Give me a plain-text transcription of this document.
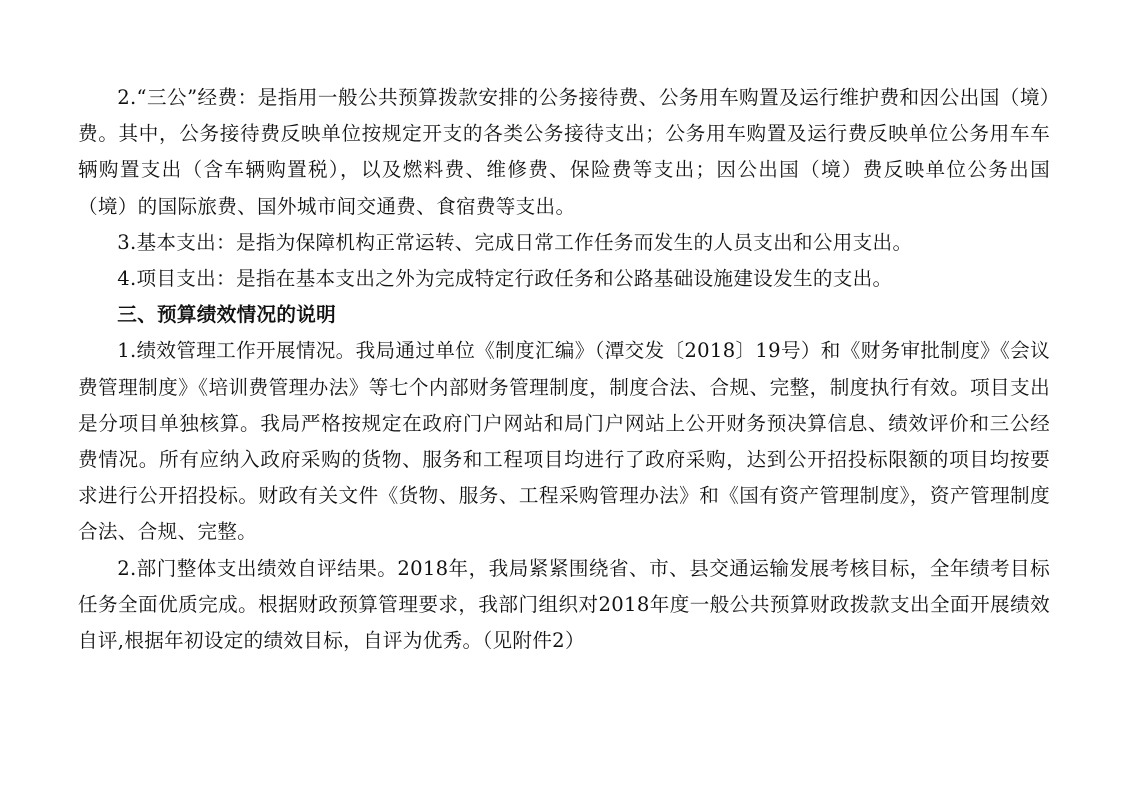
2.“三公”经费：是指用一般公共预算拨款安排的公务接待费、公务用车购置及运行维护费和因公出国（境）费。其中，公务接待费反映单位按规定开支的各类公务接待支出；公务用车购置及运行费反映单位公务用车车辆购置支出（含车辆购置税），以及燃料费、维修费、保险费等支出；因公出国（境）费反映单位公务出国（境）的国际旅费、国外城市间交通费、食宿费等支出。

3.基本支出：是指为保障机构正常运转、完成日常工作任务而发生的人员支出和公用支出。

4.项目支出：是指在基本支出之外为完成特定行政任务和公路基础设施建设发生的支出。

三、预算绩效情况的说明

1.绩效管理工作开展情况。我局通过单位《制度汇编》（潭交发〔2018〕19号）和《财务审批制度》《会议费管理制度》《培训费管理办法》等七个内部财务管理制度，制度合法、合规、完整，制度执行有效。项目支出是分项目单独核算。我局严格按规定在政府门户网站和局门户网站上公开财务预决算信息、绩效评价和三公经费情况。所有应纳入政府采购的货物、服务和工程项目均进行了政府采购，达到公开招投标限额的项目均按要求进行公开招投标。财政有关文件《货物、服务、工程采购管理办法》和《国有资产管理制度》，资产管理制度合法、合规、完整。

2.部门整体支出绩效自评结果。2018年，我局紧紧围绕省、市、县交通运输发展考核目标，全年绩考目标任务全面优质完成。根据财政预算管理要求，我部门组织对2018年度一般公共预算财政拨款支出全面开展绩效自评,根据年初设定的绩效目标，自评为优秀。（见附件2）
